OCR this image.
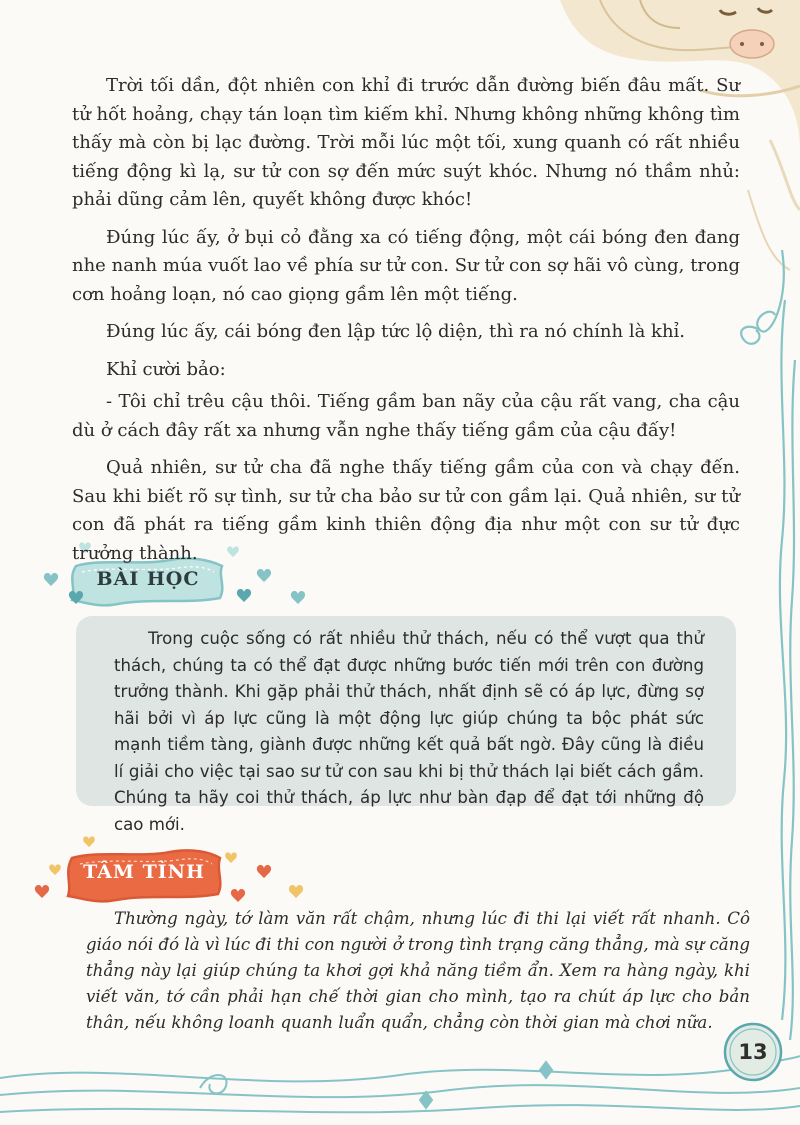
Trời tối dần, đột nhiên con khỉ đi trước dẫn đường biến đâu mất. Sư tử hốt hoảng, chạy tán loạn tìm kiếm khỉ. Nhưng không những không tìm thấy mà còn bị lạc đường. Trời mỗi lúc một tối, xung quanh có rất nhiều tiếng động kì lạ, sư tử con sợ đến mức suýt khóc. Nhưng nó thầm nhủ: phải dũng cảm lên, quyết không được khóc!

Đúng lúc ấy, ở bụi cỏ đằng xa có tiếng động, một cái bóng đen đang nhe nanh múa vuốt lao về phía sư tử con. Sư tử con sợ hãi vô cùng, trong cơn hoảng loạn, nó cao giọng gầm lên một tiếng.

Đúng lúc ấy, cái bóng đen lập tức lộ diện, thì ra nó chính là khỉ.

Khỉ cười bảo:

- Tôi chỉ trêu cậu thôi. Tiếng gầm ban nãy của cậu rất vang, cha cậu dù ở cách đây rất xa nhưng vẫn nghe thấy tiếng gầm của cậu đấy!

Quả nhiên, sư tử cha đã nghe thấy tiếng gầm của con và chạy đến. Sau khi biết rõ sự tình, sư tử cha bảo sư tử con gầm lại. Quả nhiên, sư tử con đã phát ra tiếng gầm kinh thiên động địa như một con sư tử đực trưởng thành.

BÀI HỌC

Trong cuộc sống có rất nhiều thử thách, nếu có thể vượt qua thử thách, chúng ta có thể đạt được những bước tiến mới trên con đường trưởng thành. Khi gặp phải thử thách, nhất định sẽ có áp lực, đừng sợ hãi bởi vì áp lực cũng là một động lực giúp chúng ta bộc phát sức mạnh tiềm tàng, giành được những kết quả bất ngờ. Đây cũng là điều lí giải cho việc tại sao sư tử con sau khi bị thử thách lại biết cách gầm. Chúng ta hãy coi thử thách, áp lực như bàn đạp để đạt tới những độ cao mới.

TÂM TÌNH
Thường ngày, tớ làm văn rất chậm, nhưng lúc đi thi lại viết rất nhanh. Cô giáo nói đó là vì lúc đi thi con người ở trong tình trạng căng thẳng, mà sự căng thẳng này lại giúp chúng ta khơi gợi khả năng tiềm ẩn. Xem ra hàng ngày, khi viết văn, tớ cần phải hạn chế thời gian cho mình, tạo ra chút áp lực cho bản thân, nếu không loanh quanh luẩn quẩn, chẳng còn thời gian mà chơi nữa.
13
